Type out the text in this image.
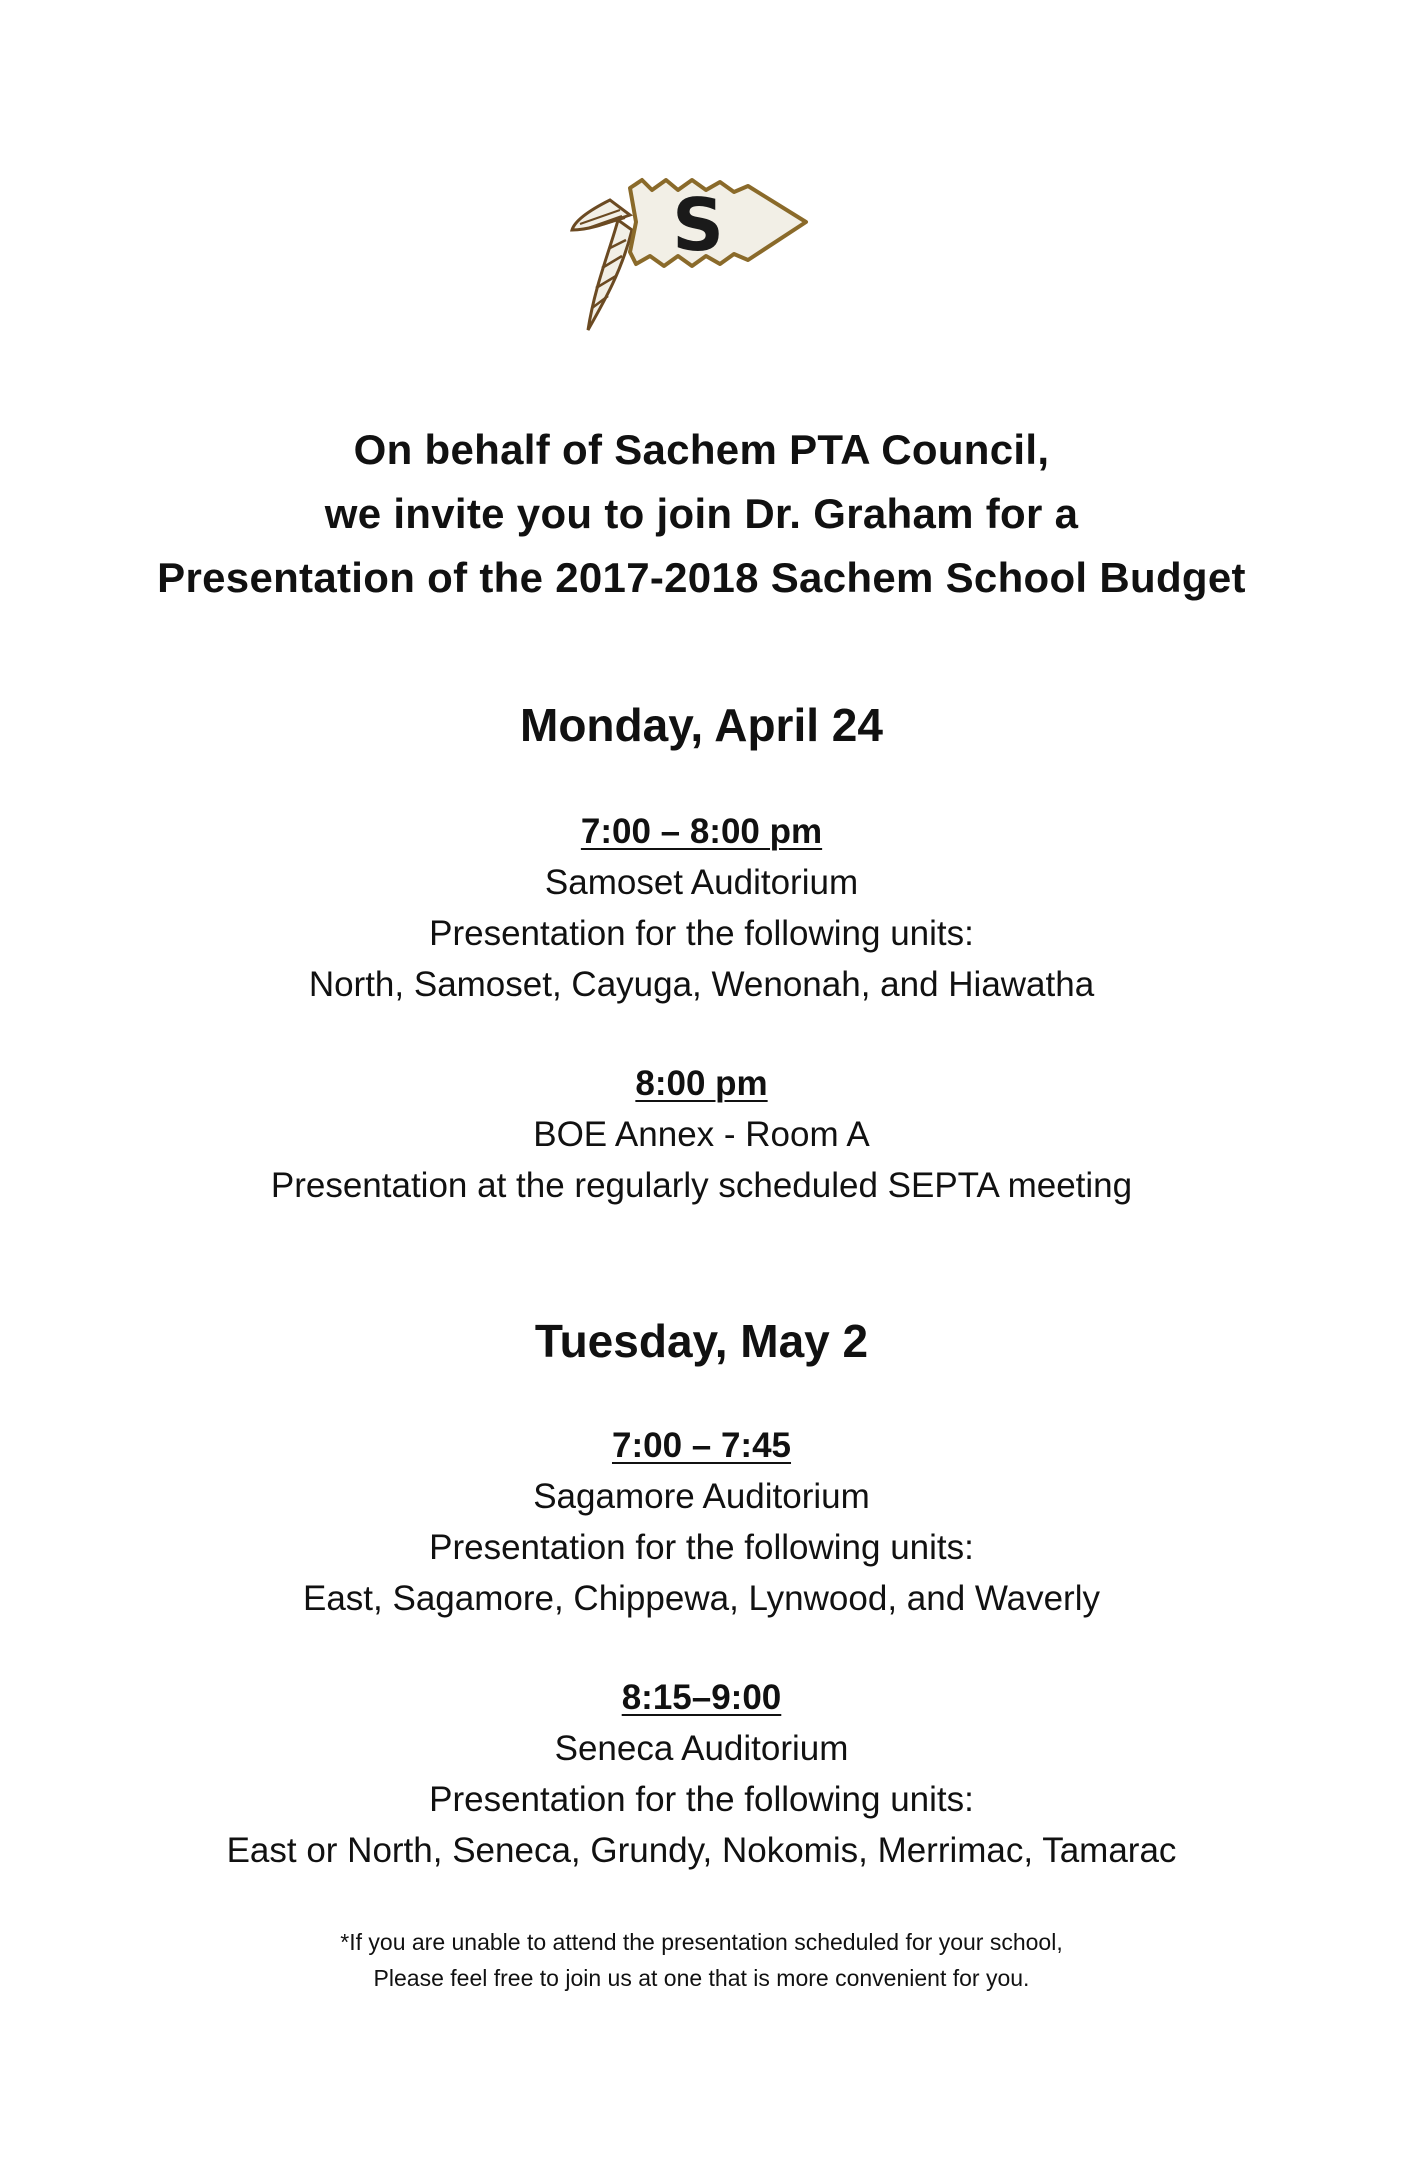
S
On behalf of Sachem PTA Council,
we invite you to join Dr. Graham for a
Presentation of the 2017-2018 Sachem School Budget
Monday, April 24
7:00 – 8:00 pm
Samoset Auditorium
Presentation for the following units:
North, Samoset, Cayuga, Wenonah, and Hiawatha
8:00 pm
BOE Annex - Room A
Presentation at the regularly scheduled SEPTA meeting
Tuesday, May 2
7:00 – 7:45
Sagamore Auditorium
Presentation for the following units:
East, Sagamore, Chippewa, Lynwood, and Waverly
8:15–9:00
Seneca Auditorium
Presentation for the following units:
East or North, Seneca, Grundy, Nokomis, Merrimac, Tamarac
*If you are unable to attend the presentation scheduled for your school,
Please feel free to join us at one that is more convenient for you.
